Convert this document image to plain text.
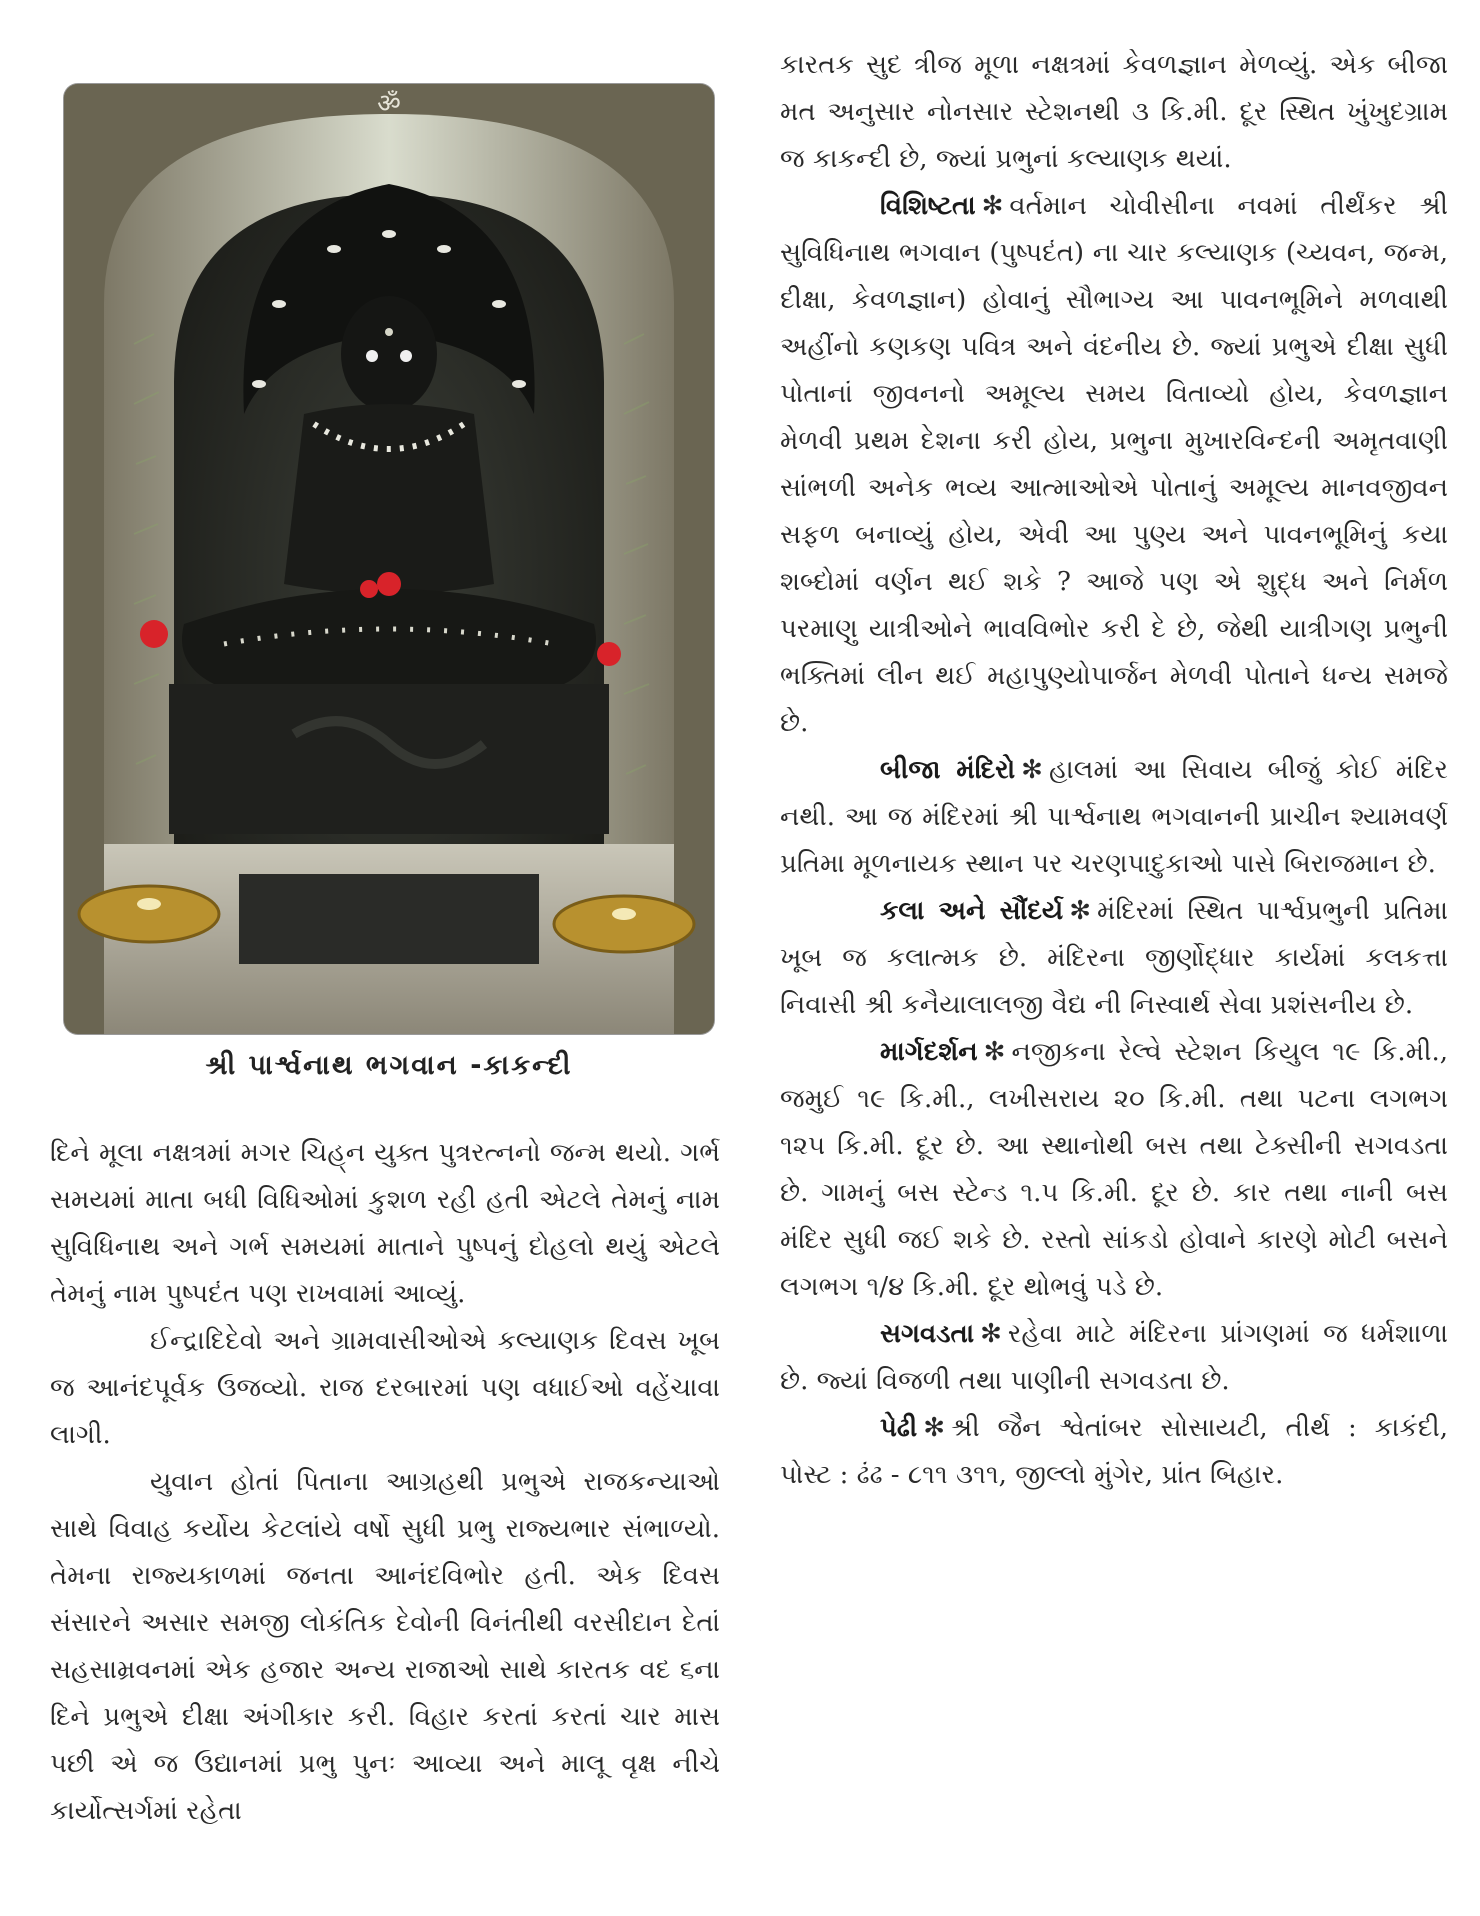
ॐ
શ્રી પાર્શ્વનાથ ભગવાન -કાકન્દી

દિને મૂલા નક્ષત્રમાં મગર ચિહ્‌ન યુક્ત પુત્રરત્નનો જન્મ થયો. ગર્ભ સમયમાં માતા બધી વિધિઓમાં કુશળ રહી હતી એટલે તેમનું નામ સુવિધિનાથ અને ગર્ભ સમયમાં માતાને પુષ્પનું દોહલો થયું એટલે તેમનું નામ પુષ્પદંત પણ રાખવામાં આવ્યું.

ઈન્દ્રાદિદેવો અને ગ્રામવાસીઓએ કલ્યાણક દિવસ ખૂબ જ આનંદપૂર્વક ઉજવ્યો. રાજ દરબારમાં પણ વધાઈઓ વહેંચાવા લાગી.

યુવાન હોતાં પિતાના આગ્રહથી પ્રભુએ રાજકન્યાઓ સાથે વિવાહ કર્યોય કેટલાંયે વર્ષો સુધી પ્રભુ રાજ્યભાર સંભાળ્યો. તેમના રાજ્યકાળમાં જનતા આનંદવિભોર હતી. એક દિવસ સંસારને અસાર સમજી લોકંતિક દેવોની વિનંતીથી વરસીદાન દેતાં સહસામ્રવનમાં એક હજાર અન્ય રાજાઓ સાથે કારતક વદ ૬ના દિને પ્રભુએ દીક્ષા અંગીકાર કરી. વિહાર કરતાં કરતાં ચાર માસ પછી એ જ ઉદ્યાનમાં પ્રભુ પુનઃ આવ્યા અને માલૂ વૃક્ષ નીચે કાર્યોત્સર્ગમાં રહેતા

કારતક સુદ ત્રીજ મૂળા નક્ષત્રમાં કેવળજ્ઞાન મેળવ્યું. એક બીજા મત અનુસાર નોનસાર સ્ટેશનથી ૩ કિ.મી. દૂર સ્થિત ખુંખુદગ્રામ જ કાકન્દી છે, જ્યાં પ્રભુનાં કલ્યાણક થયાં.

વિશિષ્ટતા ✻ વર્તમાન ચોવીસીના નવમાં તીર્થંકર શ્રી સુવિધિનાથ ભગવાન (પુષ્પદંત) ના ચાર કલ્યાણક (ચ્યવન, જન્મ, દીક્ષા, કેવળજ્ઞાન) હોવાનું સૌભાગ્ય આ પાવનભૂમિને મળવાથી અહીંનો કણકણ પવિત્ર અને વંદનીય છે. જ્યાં પ્રભુએ દીક્ષા સુધી પોતાનાં જીવનનો અમૂલ્ય સમય વિતાવ્યો હોય, કેવળજ્ઞાન મેળવી પ્રથમ દેશના કરી હોય, પ્રભુના મુખારવિન્દની અમૃતવાણી સાંભળી અનેક ભવ્ય આત્માઓએ પોતાનું અમૂલ્ય માનવજીવન સફળ બનાવ્યું હોય, એવી આ પુણ્ય અને પાવનભૂમિનું કયા શબ્દોમાં વર્ણન થઈ શકે ? આજે પણ એ શુદ્ધ અને નિર્મળ પરમાણુ યાત્રીઓને ભાવવિભોર કરી દે છે, જેથી યાત્રીગણ પ્રભુની ભક્તિમાં લીન થઈ મહાપુણ્યોપાર્જન મેળવી પોતાને ધન્ય સમજે છે.

બીજા મંદિરો ✻ હાલમાં આ સિવાય બીજું કોઈ મંદિર નથી. આ જ મંદિરમાં શ્રી પાર્શ્વનાથ ભગવાનની પ્રાચીન શ્યામવર્ણ પ્રતિમા મૂળનાયક સ્થાન પર ચરણપાદુકાઓ પાસે બિરાજમાન છે.

કલા અને સૌંદર્ય ✻ મંદિરમાં સ્થિત પાર્શ્વપ્રભુની પ્રતિમા ખૂબ જ કલાત્મક છે. મંદિરના જીર્ણોદ્ધાર કાર્યમાં કલકત્તા નિવાસી શ્રી કનૈયાલાલજી વૈદ્ય ની નિસ્વાર્થ સેવા પ્રશંસનીય છે.

માર્ગદર્શન ✻ નજીકના રેલ્વે સ્ટેશન કિયુલ ૧૯ કિ.મી., જમુઈ ૧૯ કિ.મી., લખીસરાય ૨૦ કિ.મી. તથા પટના લગભગ ૧૨૫ કિ.મી. દૂર છે. આ સ્થાનોથી બસ તથા ટેક્સીની સગવડતા છે. ગામનું બસ સ્ટેન્ડ ૧.૫ કિ.મી. દૂર છે. કાર તથા નાની બસ મંદિર સુધી જઈ શકે છે. રસ્તો સાંકડો હોવાને કારણે મોટી બસને લગભગ ૧/૪ કિ.મી. દૂર થોભવું પડે છે.

સગવડતા ✻ રહેવા માટે મંદિરના પ્રાંગણમાં જ ધર્મશાળા છે. જ્યાં વિજળી તથા પાણીની સગવડતા છે.

પેઢી ✻ શ્રી જૈન શ્વેતાંબર સોસાયટી, તીર્થ : કાકંદી, પોસ્ટ : ઢંઢ - ૮૧૧ ૩૧૧, જીલ્લો મુંગેર, પ્રાંત બિહાર.
